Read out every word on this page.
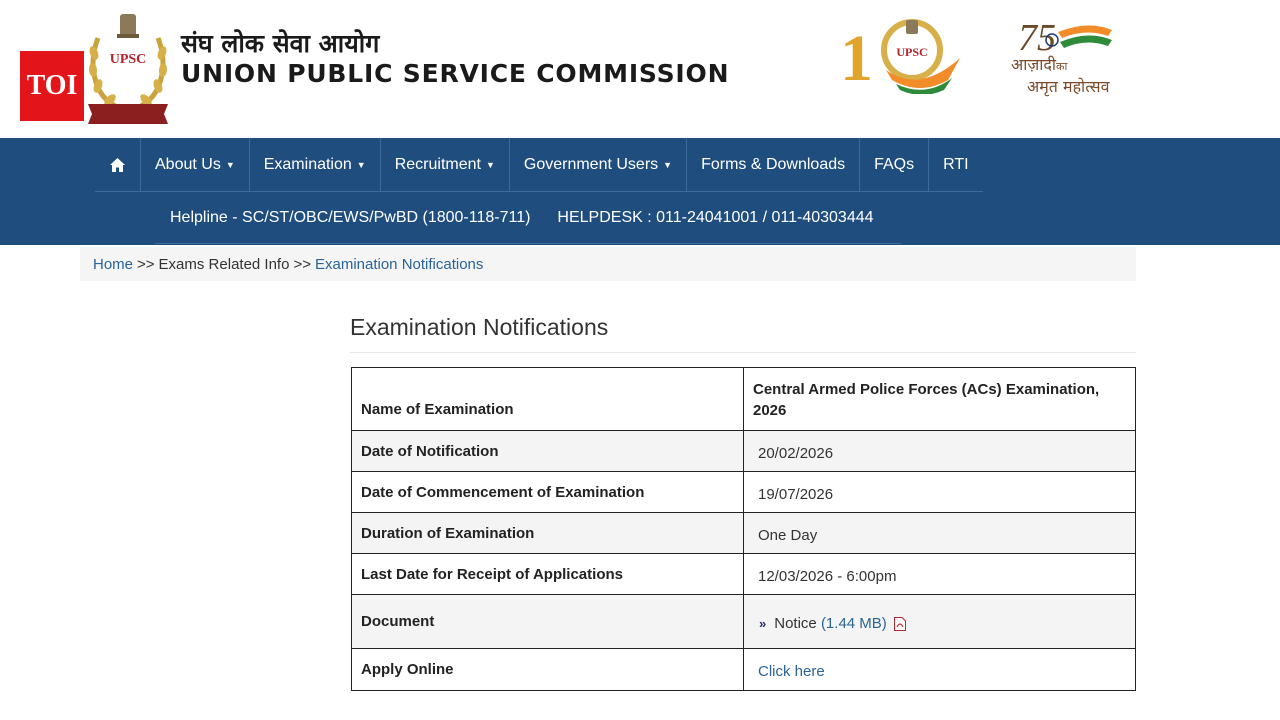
TOI
UPSC
संघ लोक सेवा आयोग
UNION PUBLIC SERVICE COMMISSION 1 UPSC 75
आज़ादीका
अमृत महोत्सव
About Us ▼ Examination ▼ Recruitment ▼ Government Users ▼ Forms & Downloads FAQs RTI
Helpline - SC/ST/OBC/EWS/PwBD (1800-118-711) HELPDESK : 011-24041001 / 011-40303444
Home >> Exams Related Info >> Examination Notifications
Examination Notifications
Name of Examination	Central Armed Police Forces (ACs) Examination, 2026
Date of Notification	20/02/2026
Date of Commencement of Examination	19/07/2026
Duration of Examination	One Day
Last Date for Receipt of Applications	12/03/2026 - 6:00pm
Document	» Notice (1.44 MB)
Apply Online	Click here
